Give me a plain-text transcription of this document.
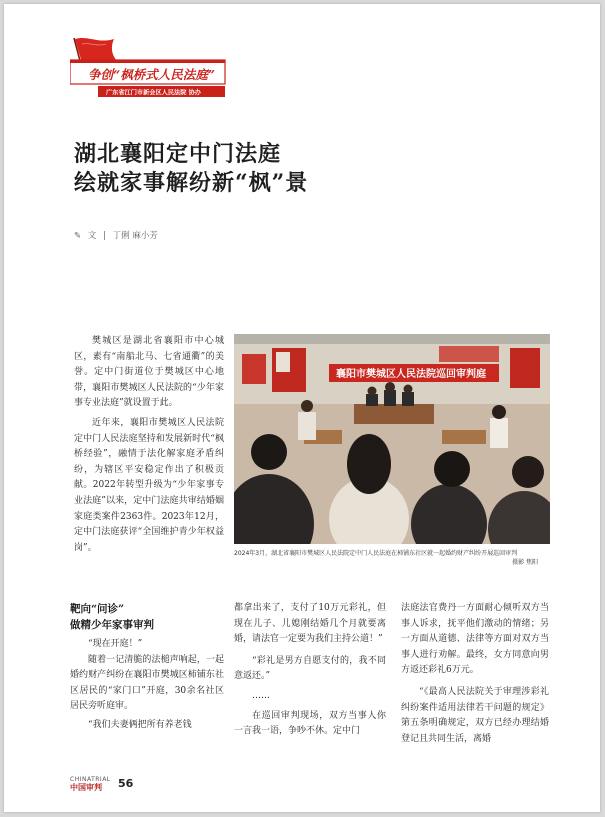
争创“枫桥式人民法庭”
广东省江门市新会区人民法院 协办
湖北襄阳定中门法庭
绘就家事解纷新“枫”景
✎ 文 | 丁俐 麻小芳

樊城区是湖北省襄阳市中心城区，素有“南船北马、七省通衢”的美誉。定中门街道位于樊城区中心地带，襄阳市樊城区人民法院的“少年家事专业法庭”就设置于此。

近年来，襄阳市樊城区人民法院定中门人民法庭坚持和发展新时代“枫桥经验”，融情于法化解家庭矛盾纠纷，为辖区平安稳定作出了积极贡献。2022年转型升级为“少年家事专业法庭”以来，定中门法庭共审结婚姻家庭类案件2363件。2023年12月，定中门法庭获评“全国维护青少年权益岗”。

靶向“问诊”
做精少年家事审判

“现在开庭！”

随着一记清脆的法槌声响起，一起婚约财产纠纷在襄阳市樊城区柿铺东社区居民的“家门口”开庭，30余名社区居民旁听庭审。

“我们夫妻俩把所有养老钱

襄阳市樊城区人民法院巡回审判庭
2024年3月，湖北省襄阳市樊城区人民法院定中门人民法庭在柿铺东社区就一起婚约财产纠纷开展巡回审判
摄影 焦阳

都拿出来了，支付了10万元彩礼，但现在儿子、儿媳刚结婚几个月就要离婚，请法官一定要为我们主持公道！”

“彩礼是男方自愿支付的，我不同意返还。”

……

在巡回审判现场，双方当事人你一言我一语，争吵不休。定中门

法庭法官费丹一方面耐心倾听双方当事人诉求，抚平他们激动的情绪；另一方面从道德、法律等方面对双方当事人进行劝解。最终，女方同意向男方返还彩礼6万元。

“《最高人民法院关于审理涉彩礼纠纷案件适用法律若干问题的规定》第五条明确规定，双方已经办理结婚登记且共同生活，离婚

CHINATRIAL
中国审判	56
